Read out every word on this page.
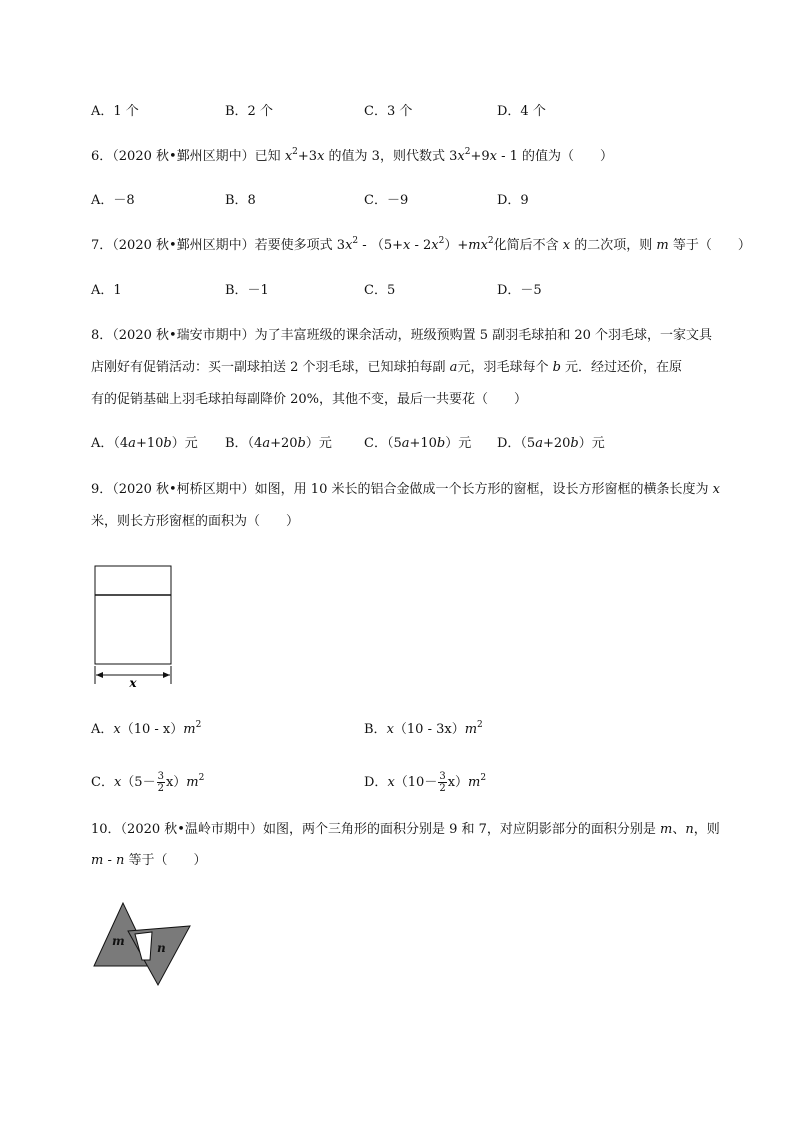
A．1 个	B．2 个	C．3 个	D．4 个
6．（2020 秋•鄞州区期中）已知 $x^2+3x$ 的值为 3，则代数式 $3x^2+9x - 1$ 的值为（　　）
A．－8	B．8	C．－9	D．9
7．（2020 秋•鄞州区期中）若要使多项式 $3x^2 - (5+x - 2x^2)+mx^2$化简后不含 x 的二次项，则 m 等于（　　）
A．1	B．－1	C．5	D．－5
8．（2020 秋•瑞安市期中）为了丰富班级的课余活动，班级预购置 5 副羽毛球拍和 20 个羽毛球，一家文具
店刚好有促销活动：买一副球拍送 2 个羽毛球，已知球拍每副 a元，羽毛球每个 b 元．经过还价，在原
有的促销基础上羽毛球拍每副降价 20%，其他不变，最后一共要花（　　）
A．（4a+10b）元 B．（4a+20b）元 C．（5a+10b）元 D．（5a+20b）元
9．（2020 秋•柯桥区期中）如图，用 10 米长的铝合金做成一个长方形的窗框，设长方形窗框的横条长度为 x
米，则长方形窗框的面积为（　　）
x
A．$x(10 - x)m^2$	B．$x(10 - 3x)m^2$
C．$x(5- \frac{3}{2} x)m^2$	D．$x(10- \frac{3}{2} x)m^2$
10．（2020 秋•温岭市期中）如图，两个三角形的面积分别是 9 和 7，对应阴影部分的面积分别是 m、n，则
m - n 等于（　　）
m	n
